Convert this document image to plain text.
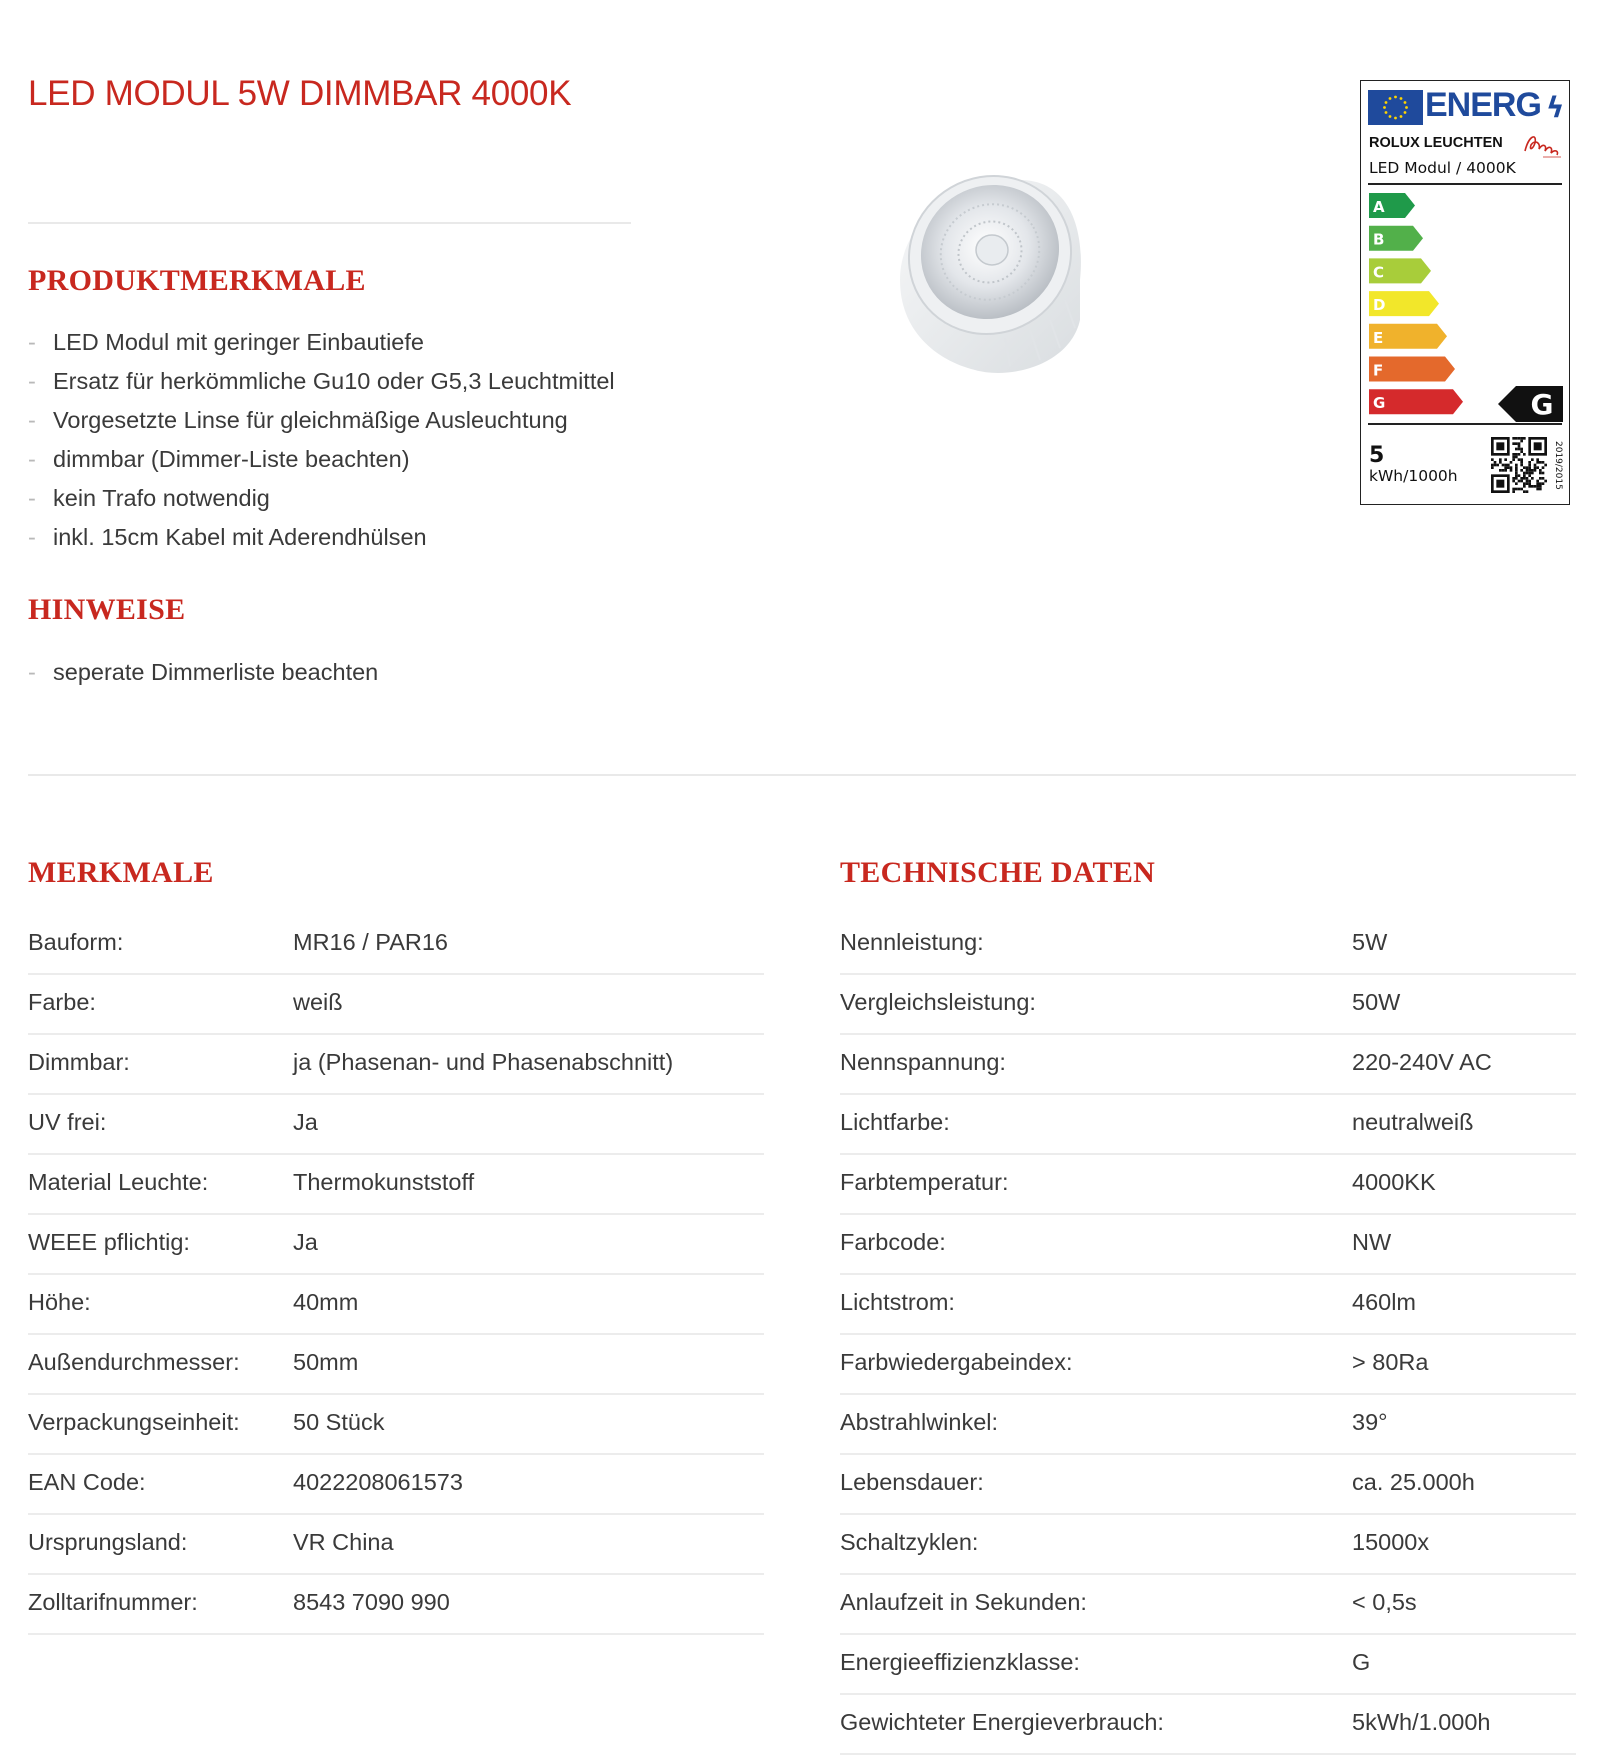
LED MODUL 5W DIMMBAR 4000K
PRODUKTMERKMALE
- LED Modul mit geringer Einbautiefe
- Ersatz für herkömmliche Gu10 oder G5,3 Leuchtmittel
- Vorgesetzte Linse für gleichmäßige Ausleuchtung
- dimmbar (Dimmer-Liste beachten)
- kein Trafo notwendig
- inkl. 15cm Kabel mit Aderendhülsen
HINWEISE
- seperate Dimmerliste beachten
ENERG ϟ
ROLUX LEUCHTEN
LED Modul / 4000K
A
B
C
D
E
F
G	G
5
kWh/1000h	2019/2015
MERKMALE
Bauform:	MR16 / PAR16
Farbe:	weiß
Dimmbar:	ja (Phasenan- und Phasenabschnitt)
UV frei:	Ja
Material Leuchte:	Thermokunststoff
WEEE pflichtig:	Ja
Höhe:	40mm
Außendurchmesser: 50mm
Verpackungseinheit: 50 Stück
EAN Code:	4022208061573
Ursprungsland:	VR China
Zolltarifnummer:	8543 7090 990
TECHNISCHE DATEN
Nennleistung:	5W
Vergleichsleistung:	50W
Nennspannung:	220-240V AC
Lichtfarbe:	neutralweiß
Farbtemperatur:	4000KK
Farbcode:	NW
Lichtstrom:	460lm
Farbwiedergabeindex:	> 80Ra
Abstrahlwinkel:	39°
Lebensdauer:	ca. 25.000h
Schaltzyklen:	15000x
Anlaufzeit in Sekunden:	< 0,5s
Energieeffizienzklasse:	G
Gewichteter Energieverbrauch:	5kWh/1.000h
